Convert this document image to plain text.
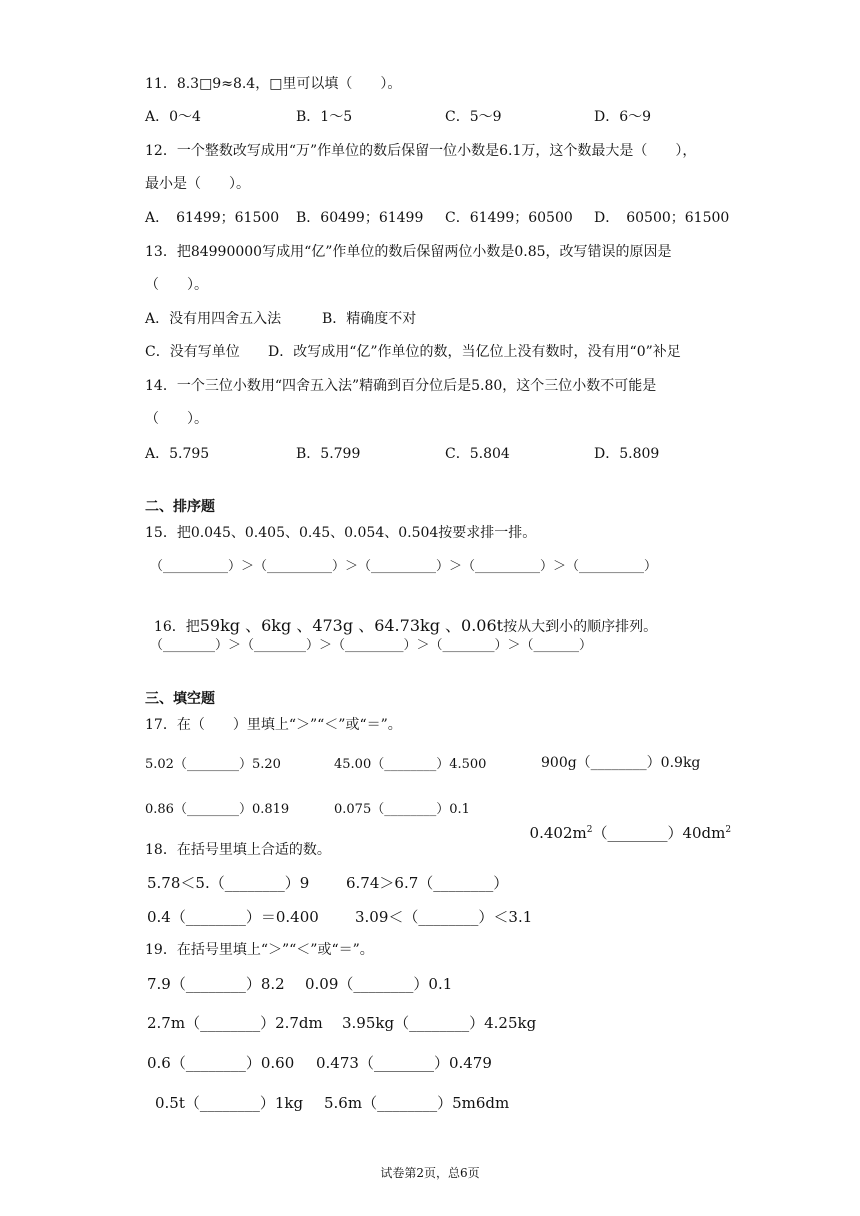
11．8.3□9≈8.4，□里可以填（　　）。
A．0～4	B．1～5	C．5～9	D．6～9
12．一个整数改写成用“万”作单位的数后保留一位小数是6.1万，这个数最大是（　　），
最小是（　　）。
A．　61499；61500 B．60499；61499 C．61499；60500 D．　60500；61500
13．把84990000写成用“亿”作单位的数后保留两位小数是0.85，改写错误的原因是
（　　）。
A．没有用四舍五入法	B．精确度不对
C．没有写单位 D．改写成用“亿”作单位的数，当亿位上没有数时，没有用“0”补足
14．一个三位小数用“四舍五入法”精确到百分位后是5.80，这个三位小数不可能是
（　　）。
A．5.795	B．5.799	C．5.804	D．5.809
二、排序题
15．把0.045、0.405、0.45、0.054、0.504按要求排一排。
（__________）＞（__________）＞（__________）＞（__________）＞（__________）

16．把59kg 、6kg 、473g 、64.73kg 、0.06t按从大到小的顺序排列。

（________）＞（________）＞（_________）＞（________）＞（_______）
三、填空题
17．在（　　）里填上“＞”“＜”或“＝”。
5.02（________）5.20	45.00（________）4.500	900g（________）0.9kg
0.86（________）0.819	0.075（________）0.1

$0.402m^2(\_\_\_\_\_\_\_\_)40dm^2$

18．在括号里填上合适的数。
5.78＜5.（________）9 6.74＞6.7（________）
0.4（________）＝0.400 3.09＜（________）＜3.1
19．在括号里填上“＞”“＜”或“＝”。
7.9（________）8.2 0.09（________）0.1
2.7m（________）2.7dm 3.95kg（________）4.25kg
0.6（________）0.60 0.473（________）0.479
0.5t（________）1kg 5.6m（________）5m6dm
试卷第2页，总6页
